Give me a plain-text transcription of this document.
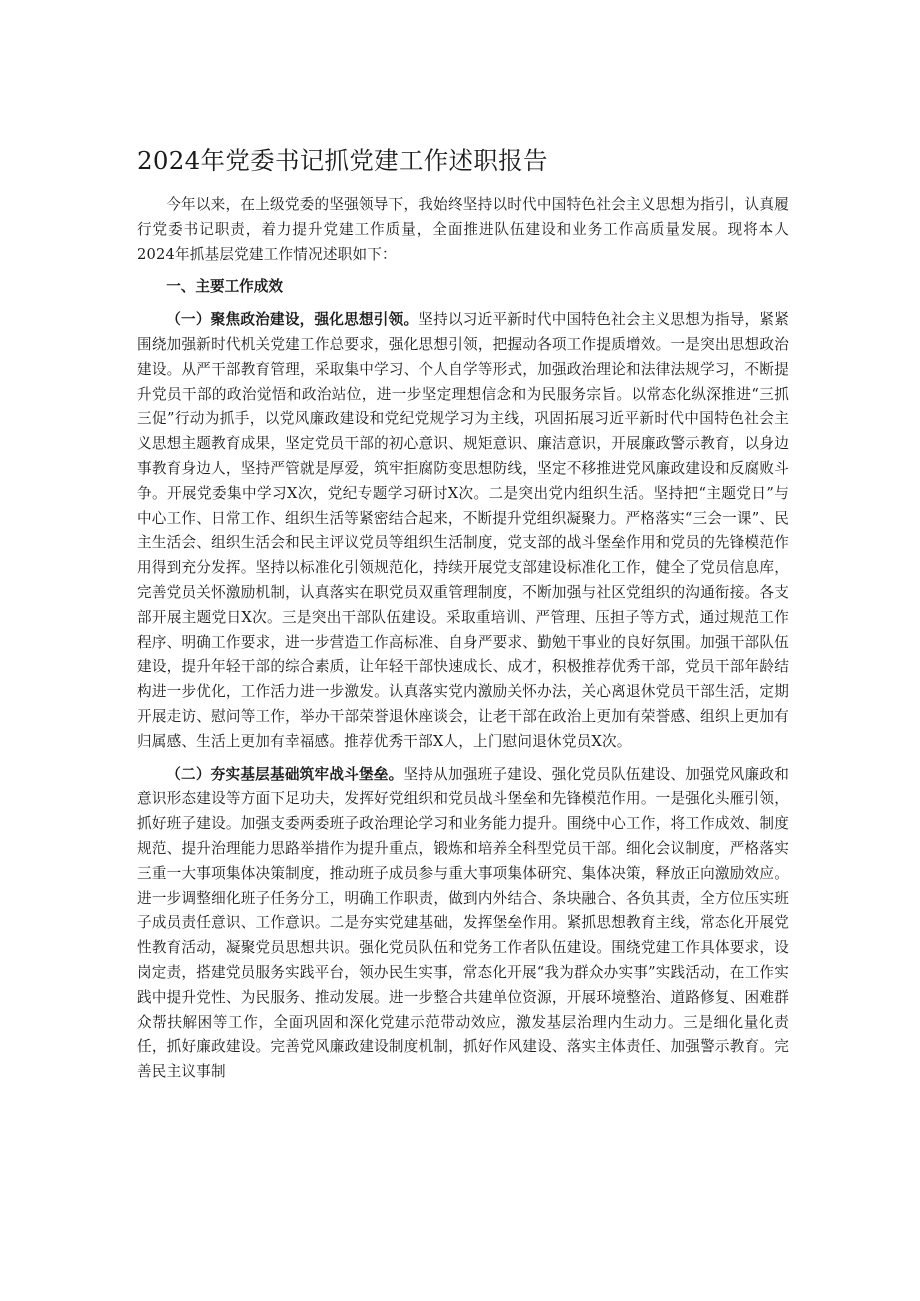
2024年党委书记抓党建工作述职报告

今年以来，在上级党委的坚强领导下，我始终坚持以时代中国特色社会主义思想为指引，认真履行党委书记职责，着力提升党建工作质量，全面推进队伍建设和业务工作高质量发展。现将本人2024年抓基层党建工作情况述职如下：

一、主要工作成效

（一）聚焦政治建设，强化思想引领。坚持以习近平新时代中国特色社会主义思想为指导，紧紧围绕加强新时代机关党建工作总要求，强化思想引领，把握动各项工作提质增效。一是突出思想政治建设。从严干部教育管理，采取集中学习、个人自学等形式，加强政治理论和法律法规学习，不断提升党员干部的政治觉悟和政治站位，进一步坚定理想信念和为民服务宗旨。以常态化纵深推进“三抓三促”行动为抓手，以党风廉政建设和党纪党规学习为主线，巩固拓展习近平新时代中国特色社会主义思想主题教育成果，坚定党员干部的初心意识、规矩意识、廉洁意识，开展廉政警示教育，以身边事教育身边人，坚持严管就是厚爱，筑牢拒腐防变思想防线，坚定不移推进党风廉政建设和反腐败斗争。开展党委集中学习X次，党纪专题学习研讨X次。二是突出党内组织生活。坚持把“主题党日”与中心工作、日常工作、组织生活等紧密结合起来，不断提升党组织凝聚力。严格落实“三会一课”、民主生活会、组织生活会和民主评议党员等组织生活制度，党支部的战斗堡垒作用和党员的先锋模范作用得到充分发挥。坚持以标准化引领规范化，持续开展党支部建设标准化工作，健全了党员信息库，完善党员关怀激励机制，认真落实在职党员双重管理制度，不断加强与社区党组织的沟通衔接。各支部开展主题党日X次。三是突出干部队伍建设。采取重培训、严管理、压担子等方式，通过规范工作程序、明确工作要求，进一步营造工作高标准、自身严要求、勤勉干事业的良好氛围。加强干部队伍建设，提升年轻干部的综合素质，让年轻干部快速成长、成才，积极推荐优秀干部，党员干部年龄结构进一步优化，工作活力进一步激发。认真落实党内激励关怀办法，关心离退休党员干部生活，定期开展走访、慰问等工作，举办干部荣誉退休座谈会，让老干部在政治上更加有荣誉感、组织上更加有归属感、生活上更加有幸福感。推荐优秀干部X人，上门慰问退休党员X次。

（二）夯实基层基础筑牢战斗堡垒。坚持从加强班子建设、强化党员队伍建设、加强党风廉政和意识形态建设等方面下足功夫，发挥好党组织和党员战斗堡垒和先锋模范作用。一是强化头雁引领，抓好班子建设。加强支委两委班子政治理论学习和业务能力提升。围绕中心工作，将工作成效、制度规范、提升治理能力思路举措作为提升重点，锻炼和培养全科型党员干部。细化会议制度，严格落实三重一大事项集体决策制度，推动班子成员参与重大事项集体研究、集体决策，释放正向激励效应。进一步调整细化班子任务分工，明确工作职责，做到内外结合、条块融合、各负其责，全方位压实班子成员责任意识、工作意识。二是夯实党建基础，发挥堡垒作用。紧抓思想教育主线，常态化开展党性教育活动，凝聚党员思想共识。强化党员队伍和党务工作者队伍建设。围绕党建工作具体要求，设岗定责，搭建党员服务实践平台，领办民生实事，常态化开展“我为群众办实事”实践活动，在工作实践中提升党性、为民服务、推动发展。进一步整合共建单位资源，开展环境整治、道路修复、困难群众帮扶解困等工作，全面巩固和深化党建示范带动效应，激发基层治理内生动力。三是细化量化责任，抓好廉政建设。完善党风廉政建设制度机制，抓好作风建设、落实主体责任、加强警示教育。完善民主议事制
